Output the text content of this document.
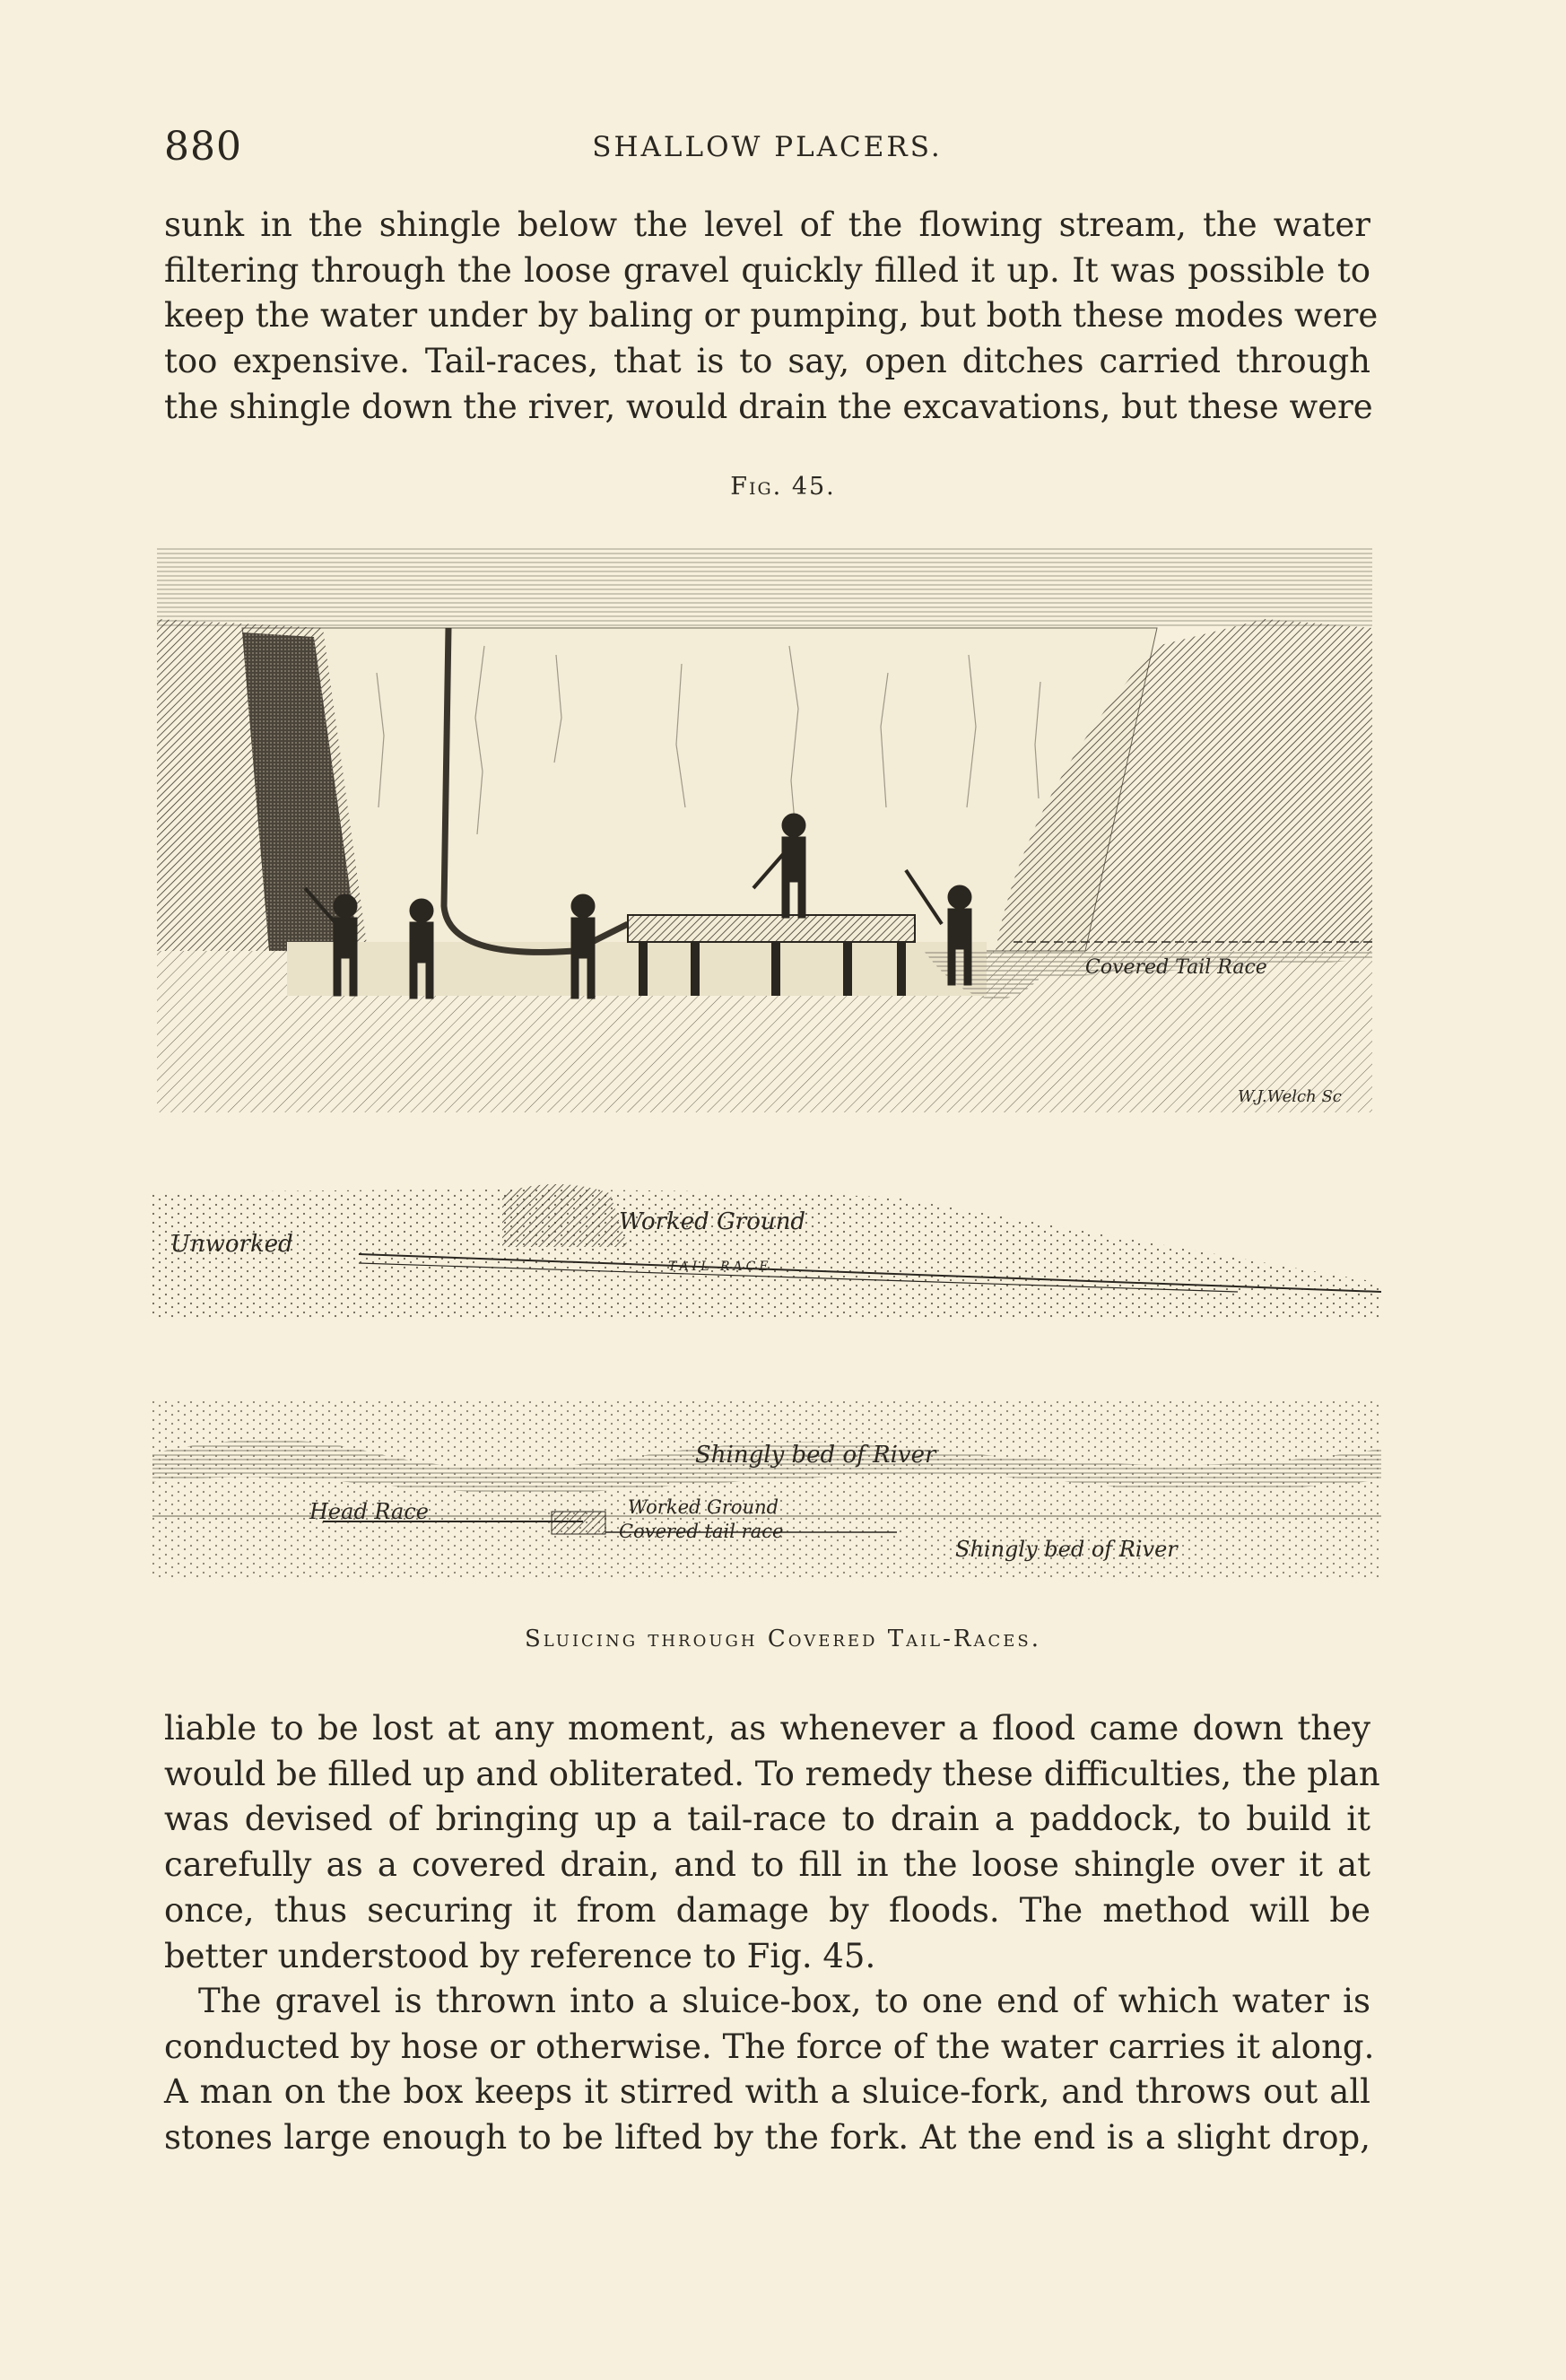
880	SHALLOW PLACERS.

sunk in the shingle below the level of the flowing stream, the water
filtering through the loose gravel quickly filled it up. It was possible to
keep the water under by baling or pumping, but both these modes were
too expensive. Tail-races, that is to say, open ditches carried through
the shingle down the river, would drain the excavations, but these were

Fig. 45.
Covered Tail Race
W.J.Welch Sc
Unworked
Worked Ground
TAIL RACE
Shingly bed of River
Head Race	Worked Ground
Covered tail race
Shingly bed of River
Sluicing through Covered Tail-Races.

liable to be lost at any moment, as whenever a flood came down they
would be filled up and obliterated. To remedy these difficulties, the plan
was devised of bringing up a tail-race to drain a paddock, to build it
carefully as a covered drain, and to fill in the loose shingle over it at
once, thus securing it from damage by floods. The method will be
better understood by reference to Fig. 45.

The gravel is thrown into a sluice-box, to one end of which water is
conducted by hose or otherwise. The force of the water carries it along.
A man on the box keeps it stirred with a sluice-fork, and throws out all
stones large enough to be lifted by the fork. At the end is a slight drop,
